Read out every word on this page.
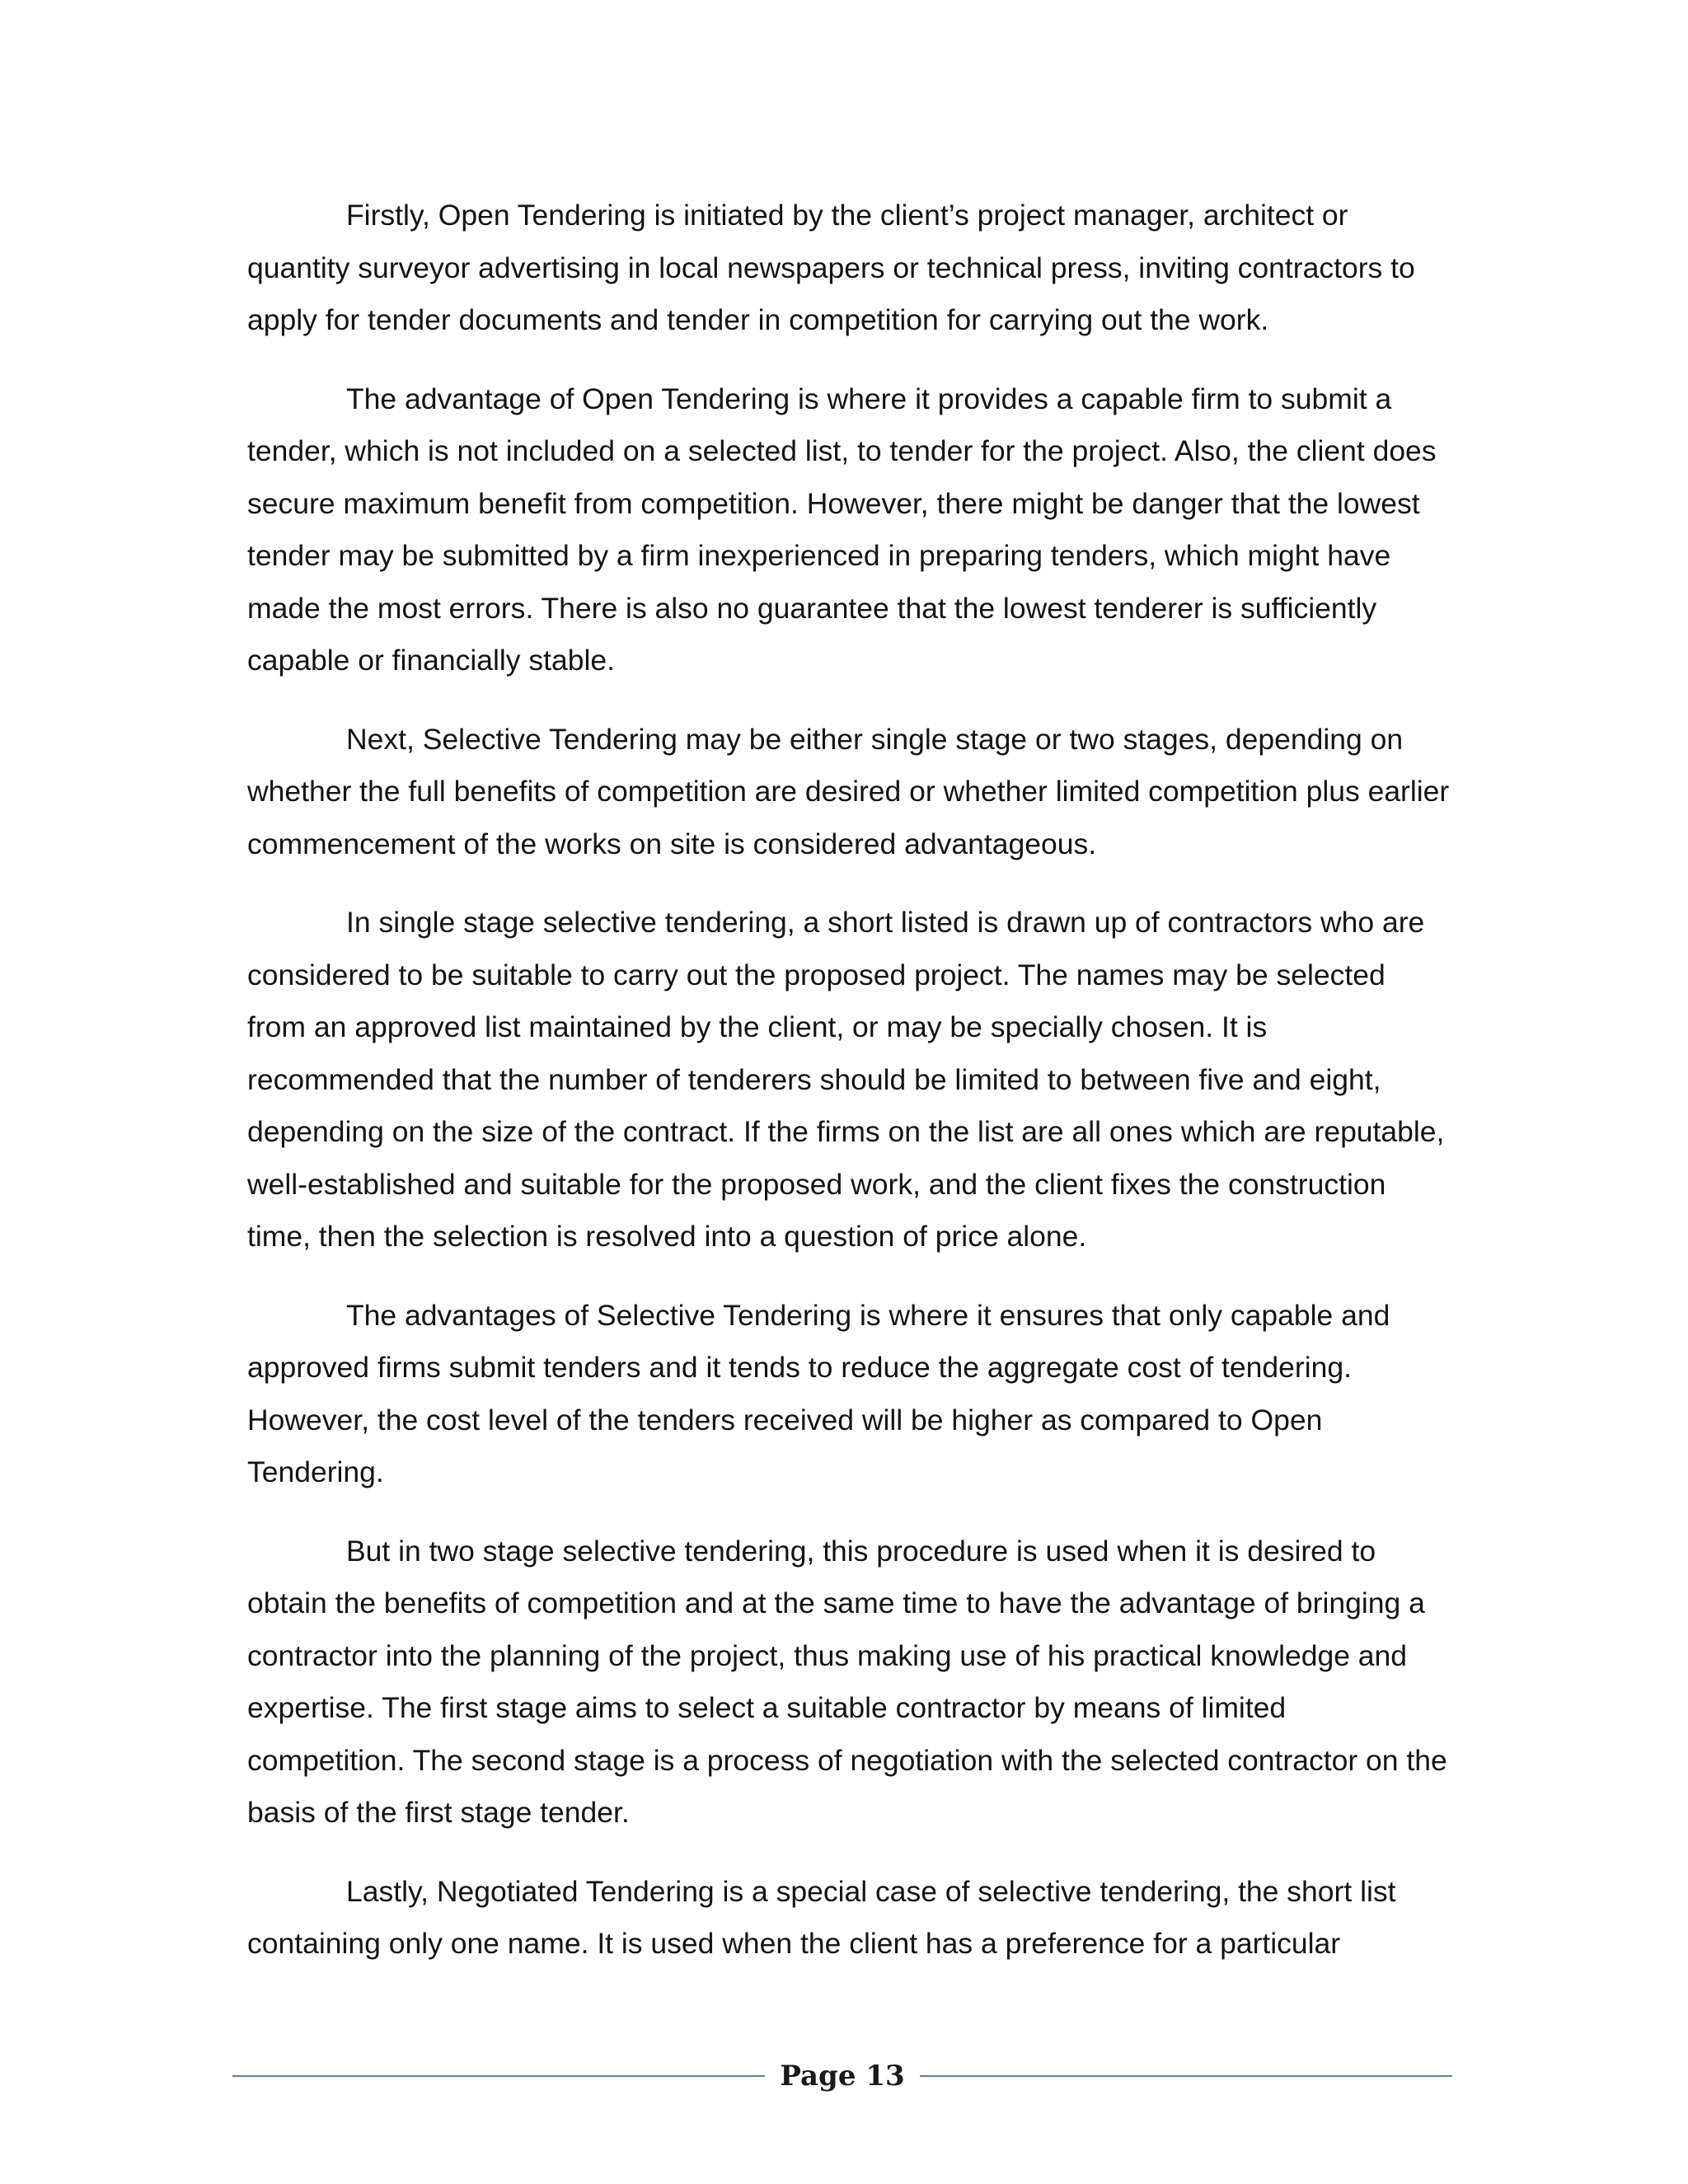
Firstly, Open Tendering is initiated by the client’s project manager, architect or quantity surveyor advertising in local newspapers or technical press, inviting contractors to apply for tender documents and tender in competition for carrying out the work.

The advantage of Open Tendering is where it provides a capable firm to submit a tender, which is not included on a selected list, to tender for the project. Also, the client does secure maximum benefit from competition. However, there might be danger that the lowest tender may be submitted by a firm inexperienced in preparing tenders, which might have made the most errors. There is also no guarantee that the lowest tenderer is sufficiently capable or financially stable.

Next, Selective Tendering may be either single stage or two stages, depending on whether the full benefits of competition are desired or whether limited competition plus earlier commencement of the works on site is considered advantageous.

In single stage selective tendering, a short listed is drawn up of contractors who are considered to be suitable to carry out the proposed project. The names may be selected from an approved list maintained by the client, or may be specially chosen. It is recommended that the number of tenderers should be limited to between five and eight, depending on the size of the contract. If the firms on the list are all ones which are reputable, well-established and suitable for the proposed work, and the client fixes the construction time, then the selection is resolved into a question of price alone.

The advantages of Selective Tendering is where it ensures that only capable and approved firms submit tenders and it tends to reduce the aggregate cost of tendering. However, the cost level of the tenders received will be higher as compared to Open Tendering.

But in two stage selective tendering, this procedure is used when it is desired to obtain the benefits of competition and at the same time to have the advantage of bringing a contractor into the planning of the project, thus making use of his practical knowledge and expertise. The first stage aims to select a suitable contractor by means of limited competition. The second stage is a process of negotiation with the selected contractor on the basis of the first stage tender.

Lastly, Negotiated Tendering is a special case of selective tendering, the short list containing only one name. It is used when the client has a preference for a particular

Page 13
